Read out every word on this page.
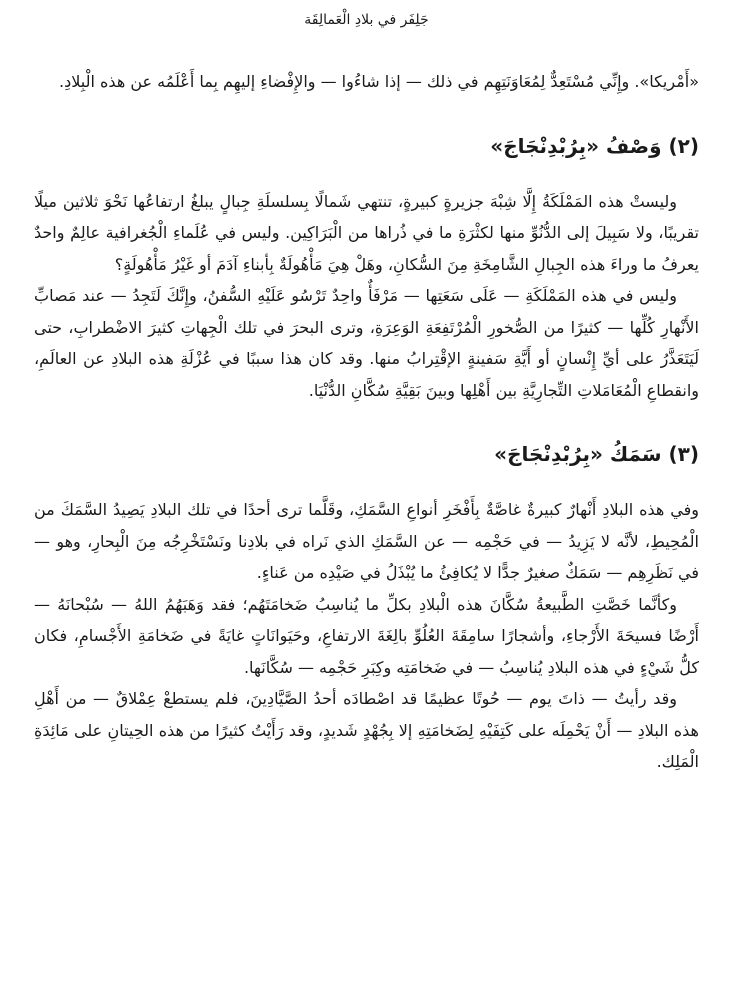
جَلِفَر في بلادِ الْعَمالِقَة

«أَمْريكا». وإِنِّي مُسْتَعِدٌّ لِمُعَاوَنَتِهِم في ذلك — إذا شاءُوا — والإِفْضاءِ إليهِم بِما أَعْلَمُه عن هذه الْبِلادِ.

(٢) وَصْفُ «بِرُبْدِنْجَاجَ»

وليستْ هذه المَمْلَكَةُ إِلَّا شِبْهَ جزيرةٍ كبيرةٍ، تنتهي شَمالًا بِسلسلَةِ جِبالٍ يبلغُ ارتفاعُها نَحْوَ ثلاثين ميلًا تقريبًا، ولا سَبِيلَ إلى الدُّنُوِّ منها لكثْرَةِ ما في ذُراها من الْبَرَاكِين. وليس في عُلَماءِ الْجُغرافية عالِمٌ واحدٌ يعرفُ ما وراءَ هذه الجِبالِ الشَّامِخَةِ مِنَ السُّكانِ، وهَلْ هِيَ مَأْهُولَةٌ بِأبناءِ آدَمَ أو غَيْرُ مَأْهُولَةٍ؟

وليس في هذه المَمْلَكَةِ — عَلَى سَعَتِها — مَرْفَأٌ واحِدٌ تَرْسُو عَلَيْهِ السُّفنُ، وإِنَّكَ لَتَجِدُ — عند مَصابِّ الأَنْهارِ كُلِّها — كثيرًا من الصُّخورِ الْمُرْتَفِعَةِ الوَعِرَةِ، وترى البحرَ في تلك الْجِهاتِ كثيرَ الاضْطرابِ، حتى لَيَتَعَذَّرُ على أيِّ إِنْسانٍ أو أَيَّةِ سَفينةٍ الإقْتِرابُ منها. وقد كان هذا سببًا في عُزْلَةِ هذه البلادِ عن العالَمِ، وانقطاعِ الْمُعَامَلاتِ التِّجارِيَّةِ بين أَهْلِها وبينَ بَقِيَّةِ سُكَّانِ الدُّنْيَا.

(٣) سَمَكُ «بِرُبْدِنْجَاجَ»

وفي هذه البلادِ أَنْهارٌ كبيرةٌ غاصَّةٌ بِأَفْخَرِ أنواعِ السَّمَكِ، وقَلَّما ترى أحدًا في تلك البلادِ يَصِيدُ السَّمَكَ من الْمُحِيطِ، لأنَّه لا يَزِيدُ — في حَجْمِه — عن السَّمَكِ الذي نَراه في بلادِنا ونَسْتَخْرِجُه مِنَ الْبِحارِ، وهو — في نَظَرِهِم — سَمَكٌ صغيرٌ جدًّا لا يُكافِئُ ما يُبْذَلُ في صَيْدِه من عَناءٍ.

وكأنَّما خَصَّتِ الطَّبيعةُ سُكَّانَ هذه الْبلادِ بكلِّ ما يُناسِبُ ضَخامَتَهُم؛ فقد وَهَبَهُمُ اللهُ — سُبْحانَهُ — أَرْضًا فسيحَةَ الأَرْجاءِ، وأشجارًا سامِقَةَ العُلُوِّ بالِغَةَ الارتفاعِ، وحَيَوانَاتٍ غايَةً في ضَخامَةِ الأَجْسامِ، فكان كلُّ شَيْءٍ في هذه البلادِ يُناسِبُ — في ضَخامَتِه وكِبَرِ حَجْمِه — سُكَّانَها.

وقد رأيتُ — ذاتَ يوم — حُوتًا عظيمًا قد اصْطادَه أحدُ الصَّيَّادِينَ، فلم يستطعْ عِمْلاقٌ — من أَهْلِ هذه البلادِ — أَنْ يَحْمِلَه على كَتِفَيْهِ لِضَخامَتِهِ إلا بِجُهْدٍ شَديدٍ، وقد رَأَيْتُ كثيرًا من هذه الحِيتانِ على مَائِدَةِ الْمَلِك.
